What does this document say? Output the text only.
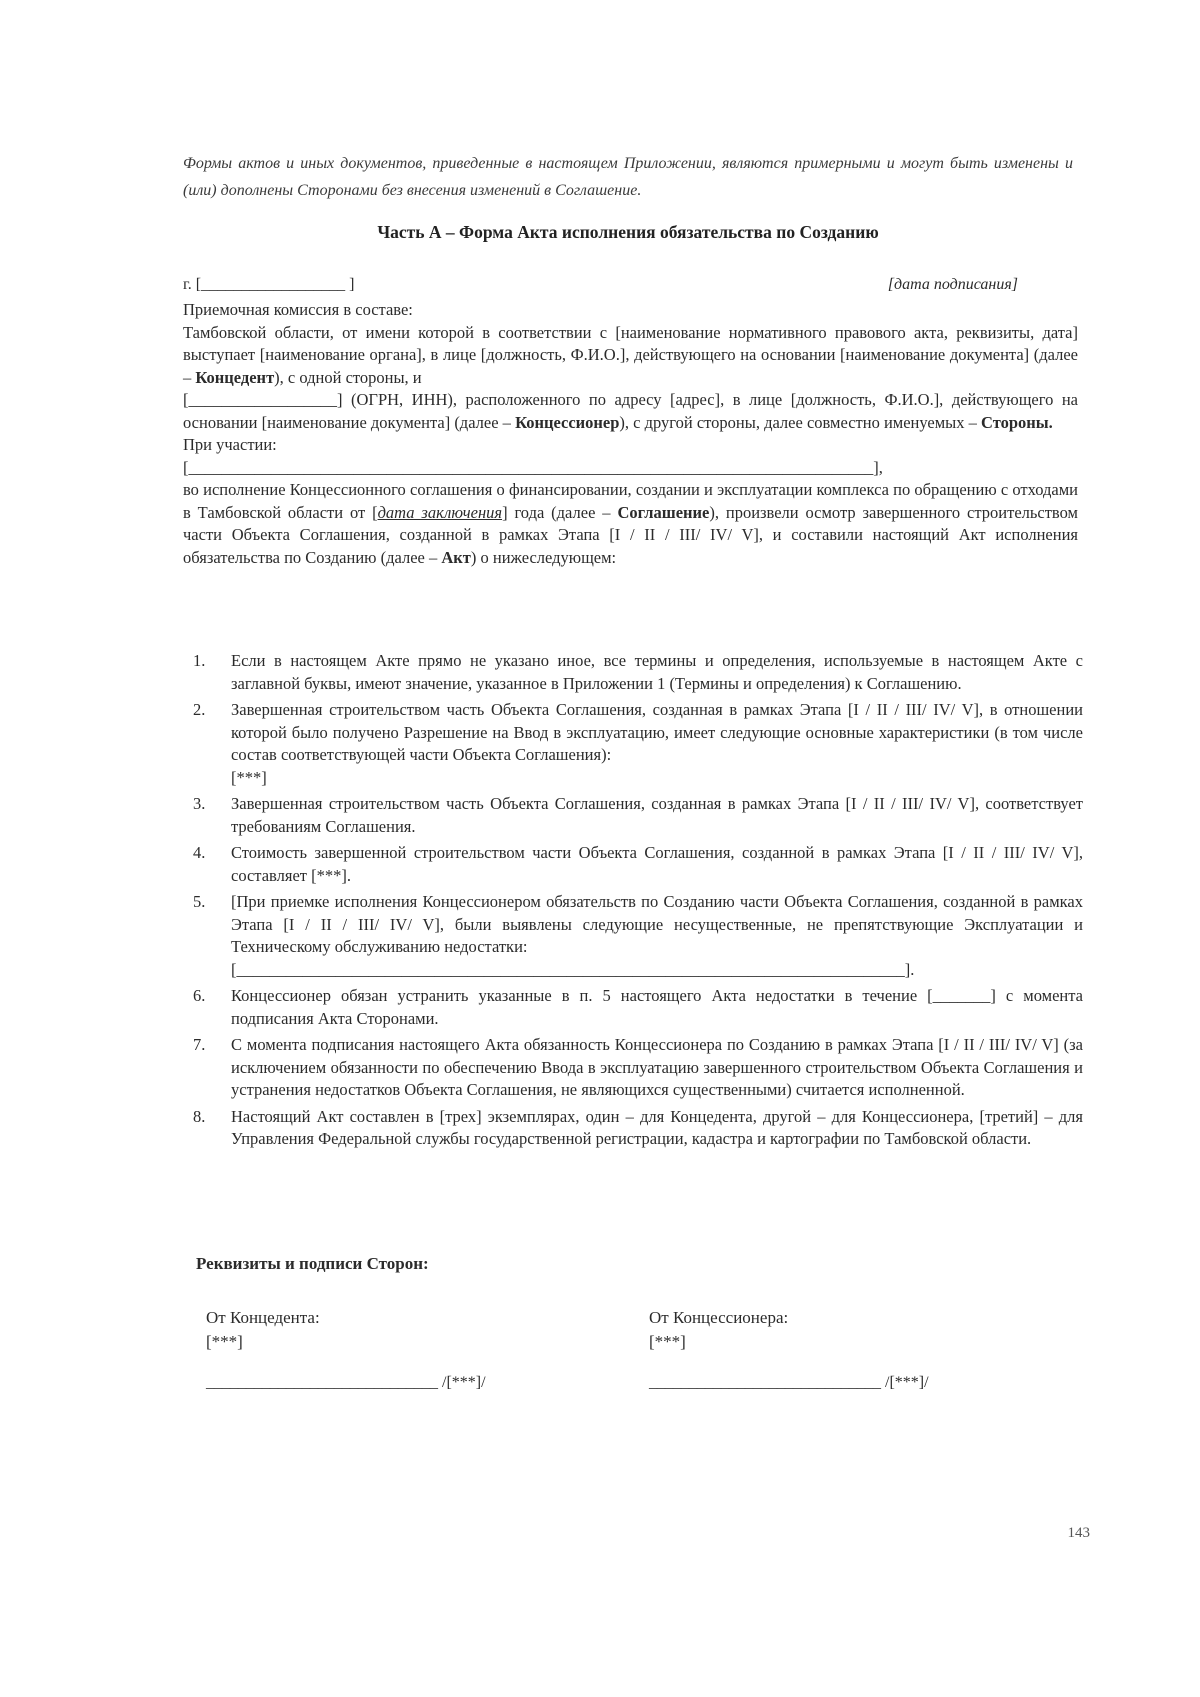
Формы актов и иных документов, приведенные в настоящем Приложении, являются примерными и могут быть изменены и (или) дополнены Сторонами без внесения изменений в Соглашение.
Часть А – Форма Акта исполнения обязательства по Созданию
г. [__________________ ]	[дата подписания]

Приемочная комиссия в составе:

Тамбовской области, от имени которой в соответствии с [наименование нормативного правового акта, реквизиты, дата] выступает [наименование органа], в лице [должность, Ф.И.О.], действующего на основании [наименование документа] (далее – Концедент), с одной стороны, и

[__________________] (ОГРН, ИНН), расположенного по адресу [адрес], в лице [должность, Ф.И.О.], действующего на основании [наименование документа] (далее – Концессионер), с другой стороны, далее совместно именуемых – Стороны.

При участии:

[___________________________________________________________________________________],

во исполнение Концессионного соглашения о финансировании, создании и эксплуатации комплекса по обращению с отходами в Тамбовской области от [дата заключения] года (далее – Соглашение), произвели осмотр завершенного строительством части Объекта Соглашения, созданной в рамках Этапа [I / II / III/ IV/ V], и составили настоящий Акт исполнения обязательства по Созданию (далее – Акт) о нижеследующем:

1. Если в настоящем Акте прямо не указано иное, все термины и определения, используемые в настоящем Акте с заглавной буквы, имеют значение, указанное в Приложении 1 (Термины и определения) к Соглашению.
2. Завершенная строительством часть Объекта Соглашения, созданная в рамках Этапа [I / II / III/ IV/ V], в отношении которой было получено Разрешение на Ввод в эксплуатацию, имеет следующие основные характеристики (в том числе состав соответствующей части Объекта Соглашения):
[***]
3. Завершенная строительством часть Объекта Соглашения, созданная в рамках Этапа [I / II / III/ IV/ V], соответствует требованиям Соглашения.
4. Стоимость завершенной строительством части Объекта Соглашения, созданной в рамках Этапа [I / II / III/ IV/ V], составляет [***].
5. [При приемке исполнения Концессионером обязательств по Созданию части Объекта Соглашения, созданной в рамках Этапа [I / II / III/ IV/ V], были выявлены следующие несущественные, не препятствующие Эксплуатации и Техническому обслуживанию недостатки:
[_________________________________________________________________________________].
6. Концессионер обязан устранить указанные в п. 5 настоящего Акта недостатки в течение [_______] с момента подписания Акта Сторонами.
7. С момента подписания настоящего Акта обязанность Концессионера по Созданию в рамках Этапа [I / II / III/ IV/ V] (за исключением обязанности по обеспечению Ввода в эксплуатацию завершенного строительством Объекта Соглашения и устранения недостатков Объекта Соглашения, не являющихся существенными) считается исполненной.
8. Настоящий Акт составлен в [трех] экземплярах, один – для Концедента, другой – для Концессионера, [третий] – для Управления Федеральной службы государственной регистрации, кадастра и картографии по Тамбовской области.
Реквизиты и подписи Сторон:
От Концедента:
[***]
От Концессионера:
[***]
_____________________________ /[***]/	_____________________________ /[***]/
143
